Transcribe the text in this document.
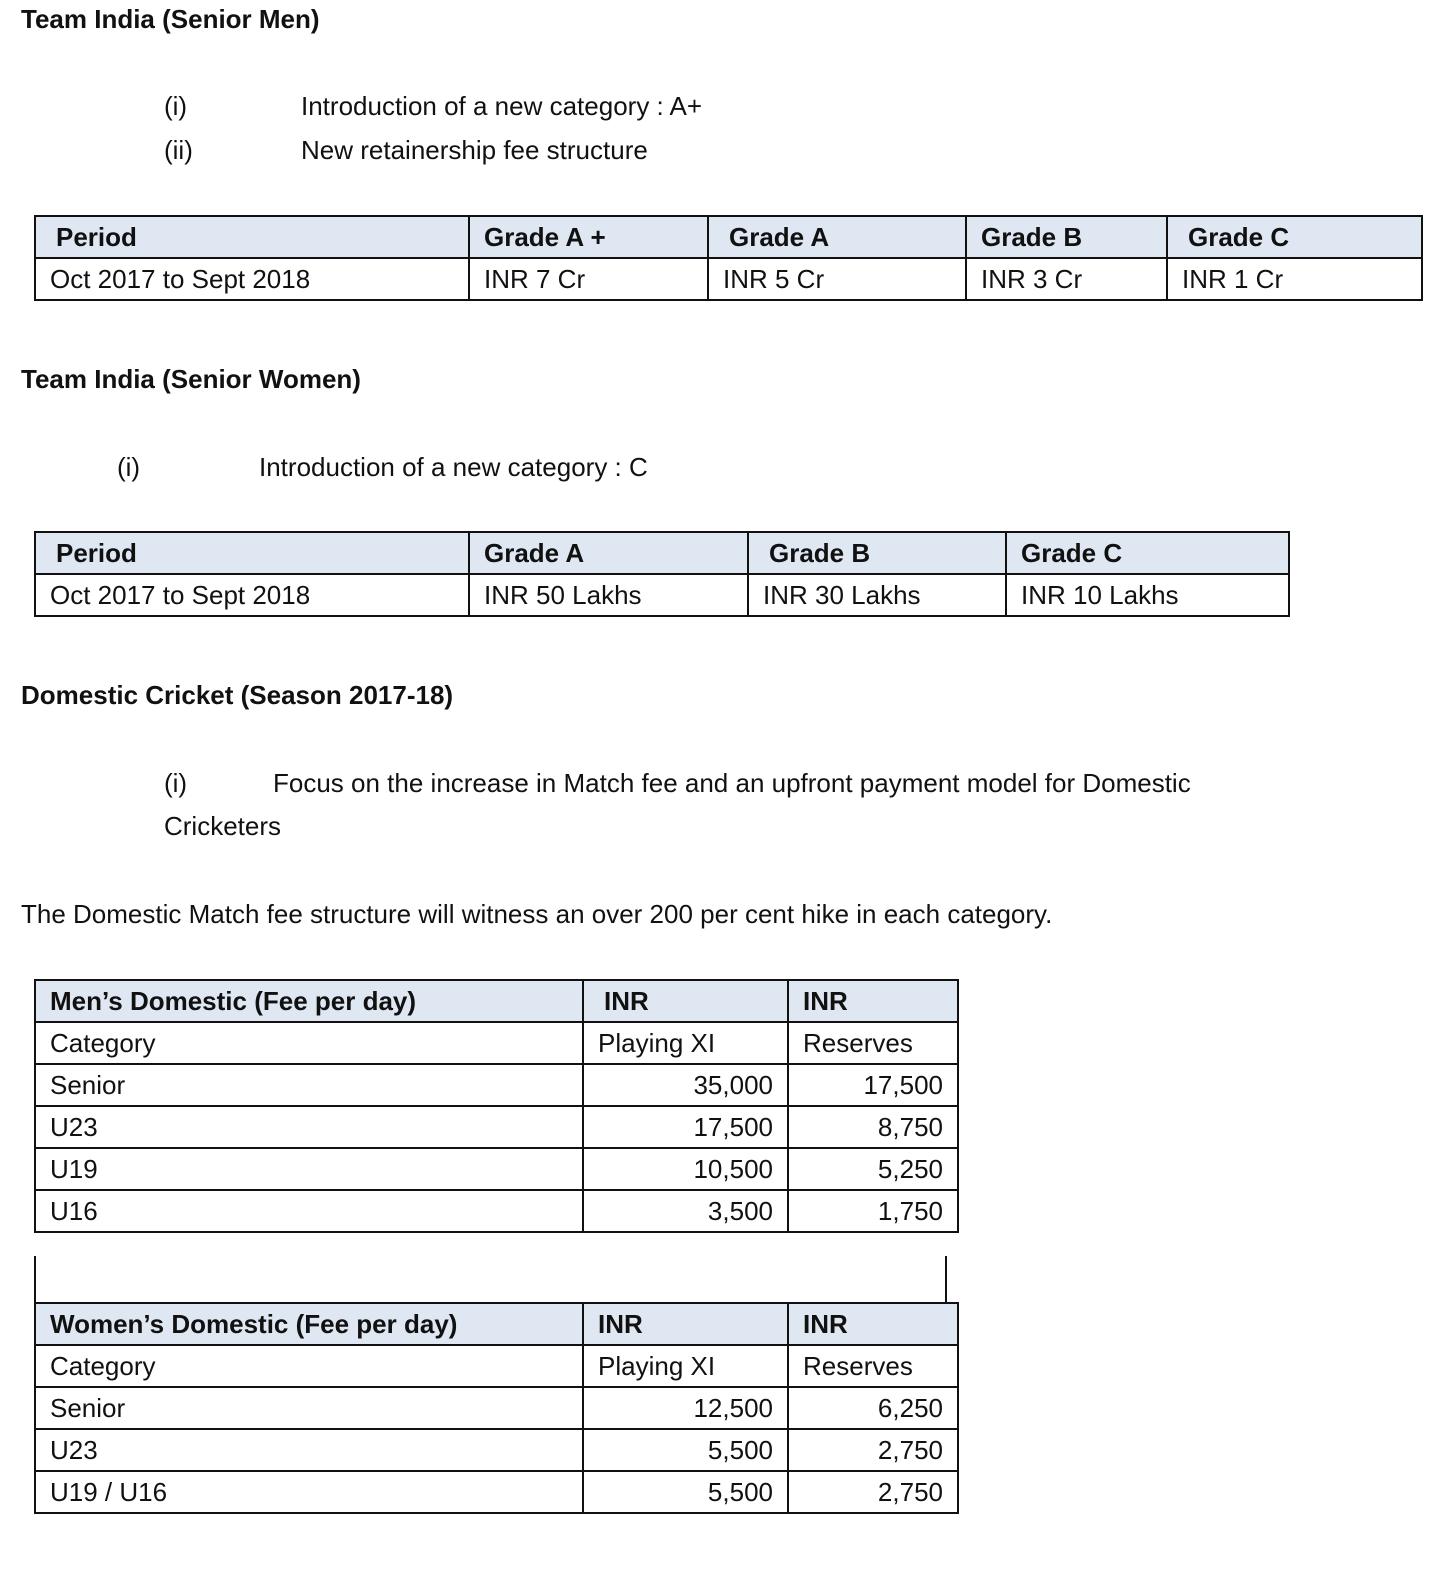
Team India (Senior Men)
(i)	Introduction of a new category : A+
(ii)	New retainership fee structure
Period	Grade A +	Grade A	Grade B	Grade C
Oct 2017 to Sept 2018	INR 7 Cr	INR 5 Cr	INR 3 Cr	INR 1 Cr
Team India (Senior Women)
(i)	Introduction of a new category : C
Period	Grade A	Grade B	Grade C
Oct 2017 to Sept 2018	INR 50 Lakhs	INR 30 Lakhs	INR 10 Lakhs
Domestic Cricket (Season 2017-18)
(i)	Focus on the increase in Match fee and an upfront payment model for Domestic
Cricketers
The Domestic Match fee structure will witness an over 200 per cent hike in each category.
Men’s Domestic (Fee per day)	INR	INR
Category	Playing XI	Reserves
Senior	35,000	17,500
U23	17,500	8,750
U19	10,500	5,250
U16	3,500	1,750
Women’s Domestic (Fee per day)	INR	INR
Category	Playing XI	Reserves
Senior	12,500	6,250
U23	5,500	2,750
U19 / U16	5,500	2,750
